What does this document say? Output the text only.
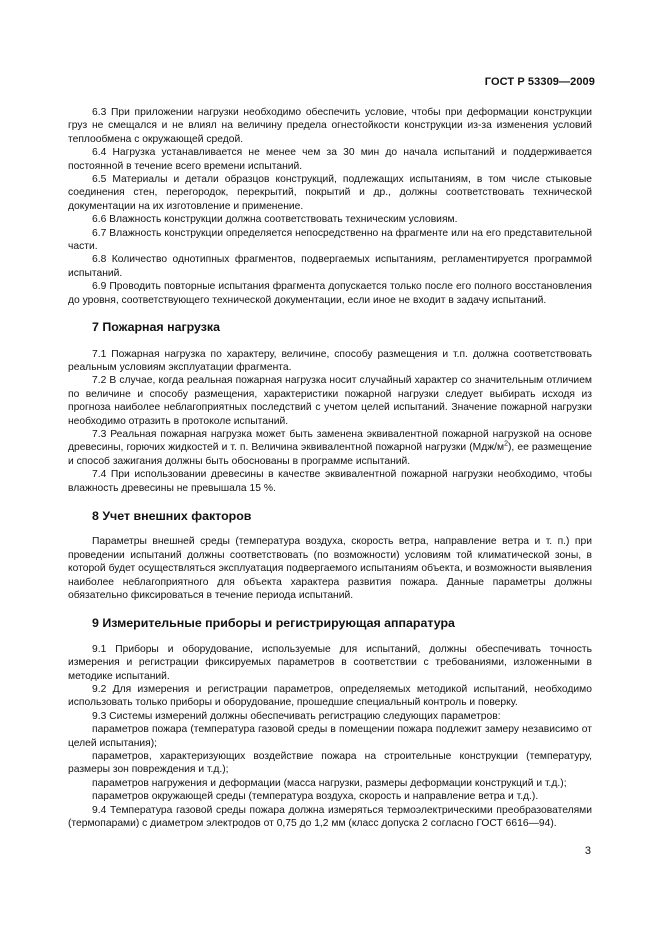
ГОСТ Р 53309—2009

6.3 При приложении нагрузки необходимо обеспечить условие, чтобы при деформации конструкции груз не смещался и не влиял на величину предела огнестойкости конструкции из-за изменения условий теплообмена с окружающей средой.

6.4 Нагрузка устанавливается не менее чем за 30 мин до начала испытаний и поддерживается постоянной в течение всего времени испытаний.

6.5 Материалы и детали образцов конструкций, подлежащих испытаниям, в том числе стыковые соединения стен, перегородок, перекрытий, покрытий и др., должны соответствовать технической документации на их изготовление и применение.

6.6 Влажность конструкции должна соответствовать техническим условиям.

6.7 Влажность конструкции определяется непосредственно на фрагменте или на его представительной части.

6.8 Количество однотипных фрагментов, подвергаемых испытаниям, регламентируется программой испытаний.

6.9 Проводить повторные испытания фрагмента допускается только после его полного восстановления до уровня, соответствующего технической документации, если иное не входит в задачу испытаний.

7 Пожарная нагрузка

7.1 Пожарная нагрузка по характеру, величине, способу размещения и т.п. должна соответствовать реальным условиям эксплуатации фрагмента.

7.2 В случае, когда реальная пожарная нагрузка носит случайный характер со значительным отличием по величине и способу размещения, характеристики пожарной нагрузки следует выбирать исходя из прогноза наиболее неблагоприятных последствий с учетом целей испытаний. Значение пожарной нагрузки необходимо отразить в протоколе испытаний.

7.3 Реальная пожарная нагрузка может быть заменена эквивалентной пожарной нагрузкой на основе древесины, горючих жидкостей и т. п. Величина эквивалентной пожарной нагрузки $(Мдж/м^2)$, ее размещение и способ зажигания должны быть обоснованы в программе испытаний.

7.4 При использовании древесины в качестве эквивалентной пожарной нагрузки необходимо, чтобы влажность древесины не превышала 15 %.

8 Учет внешних факторов

Параметры внешней среды (температура воздуха, скорость ветра, направление ветра и т. п.) при проведении испытаний должны соответствовать (по возможности) условиям той климатической зоны, в которой будет осуществляться эксплуатация подвергаемого испытаниям объекта, и возможности выявления наиболее неблагоприятного для объекта характера развития пожара. Данные параметры должны обязательно фиксироваться в течение периода испытаний.

9 Измерительные приборы и регистрирующая аппаратура

9.1 Приборы и оборудование, используемые для испытаний, должны обеспечивать точность измерения и регистрации фиксируемых параметров в соответствии с требованиями, изложенными в методике испытаний.

9.2 Для измерения и регистрации параметров, определяемых методикой испытаний, необходимо использовать только приборы и оборудование, прошедшие специальный контроль и поверку.

9.3 Системы измерений должны обеспечивать регистрацию следующих параметров:

параметров пожара (температура газовой среды в помещении пожара подлежит замеру независимо от целей испытания);

параметров, характеризующих воздействие пожара на строительные конструкции (температуру, размеры зон повреждения и т.д.);

параметров нагружения и деформации (масса нагрузки, размеры деформации конструкций и т.д.);

параметров окружающей среды (температура воздуха, скорость и направление ветра и т.д.).

9.4 Температура газовой среды пожара должна измеряться термоэлектрическими преобразователями (термопарами) с диаметром электродов от 0,75 до 1,2 мм (класс допуска 2 согласно ГОСТ 6616—94).

3
